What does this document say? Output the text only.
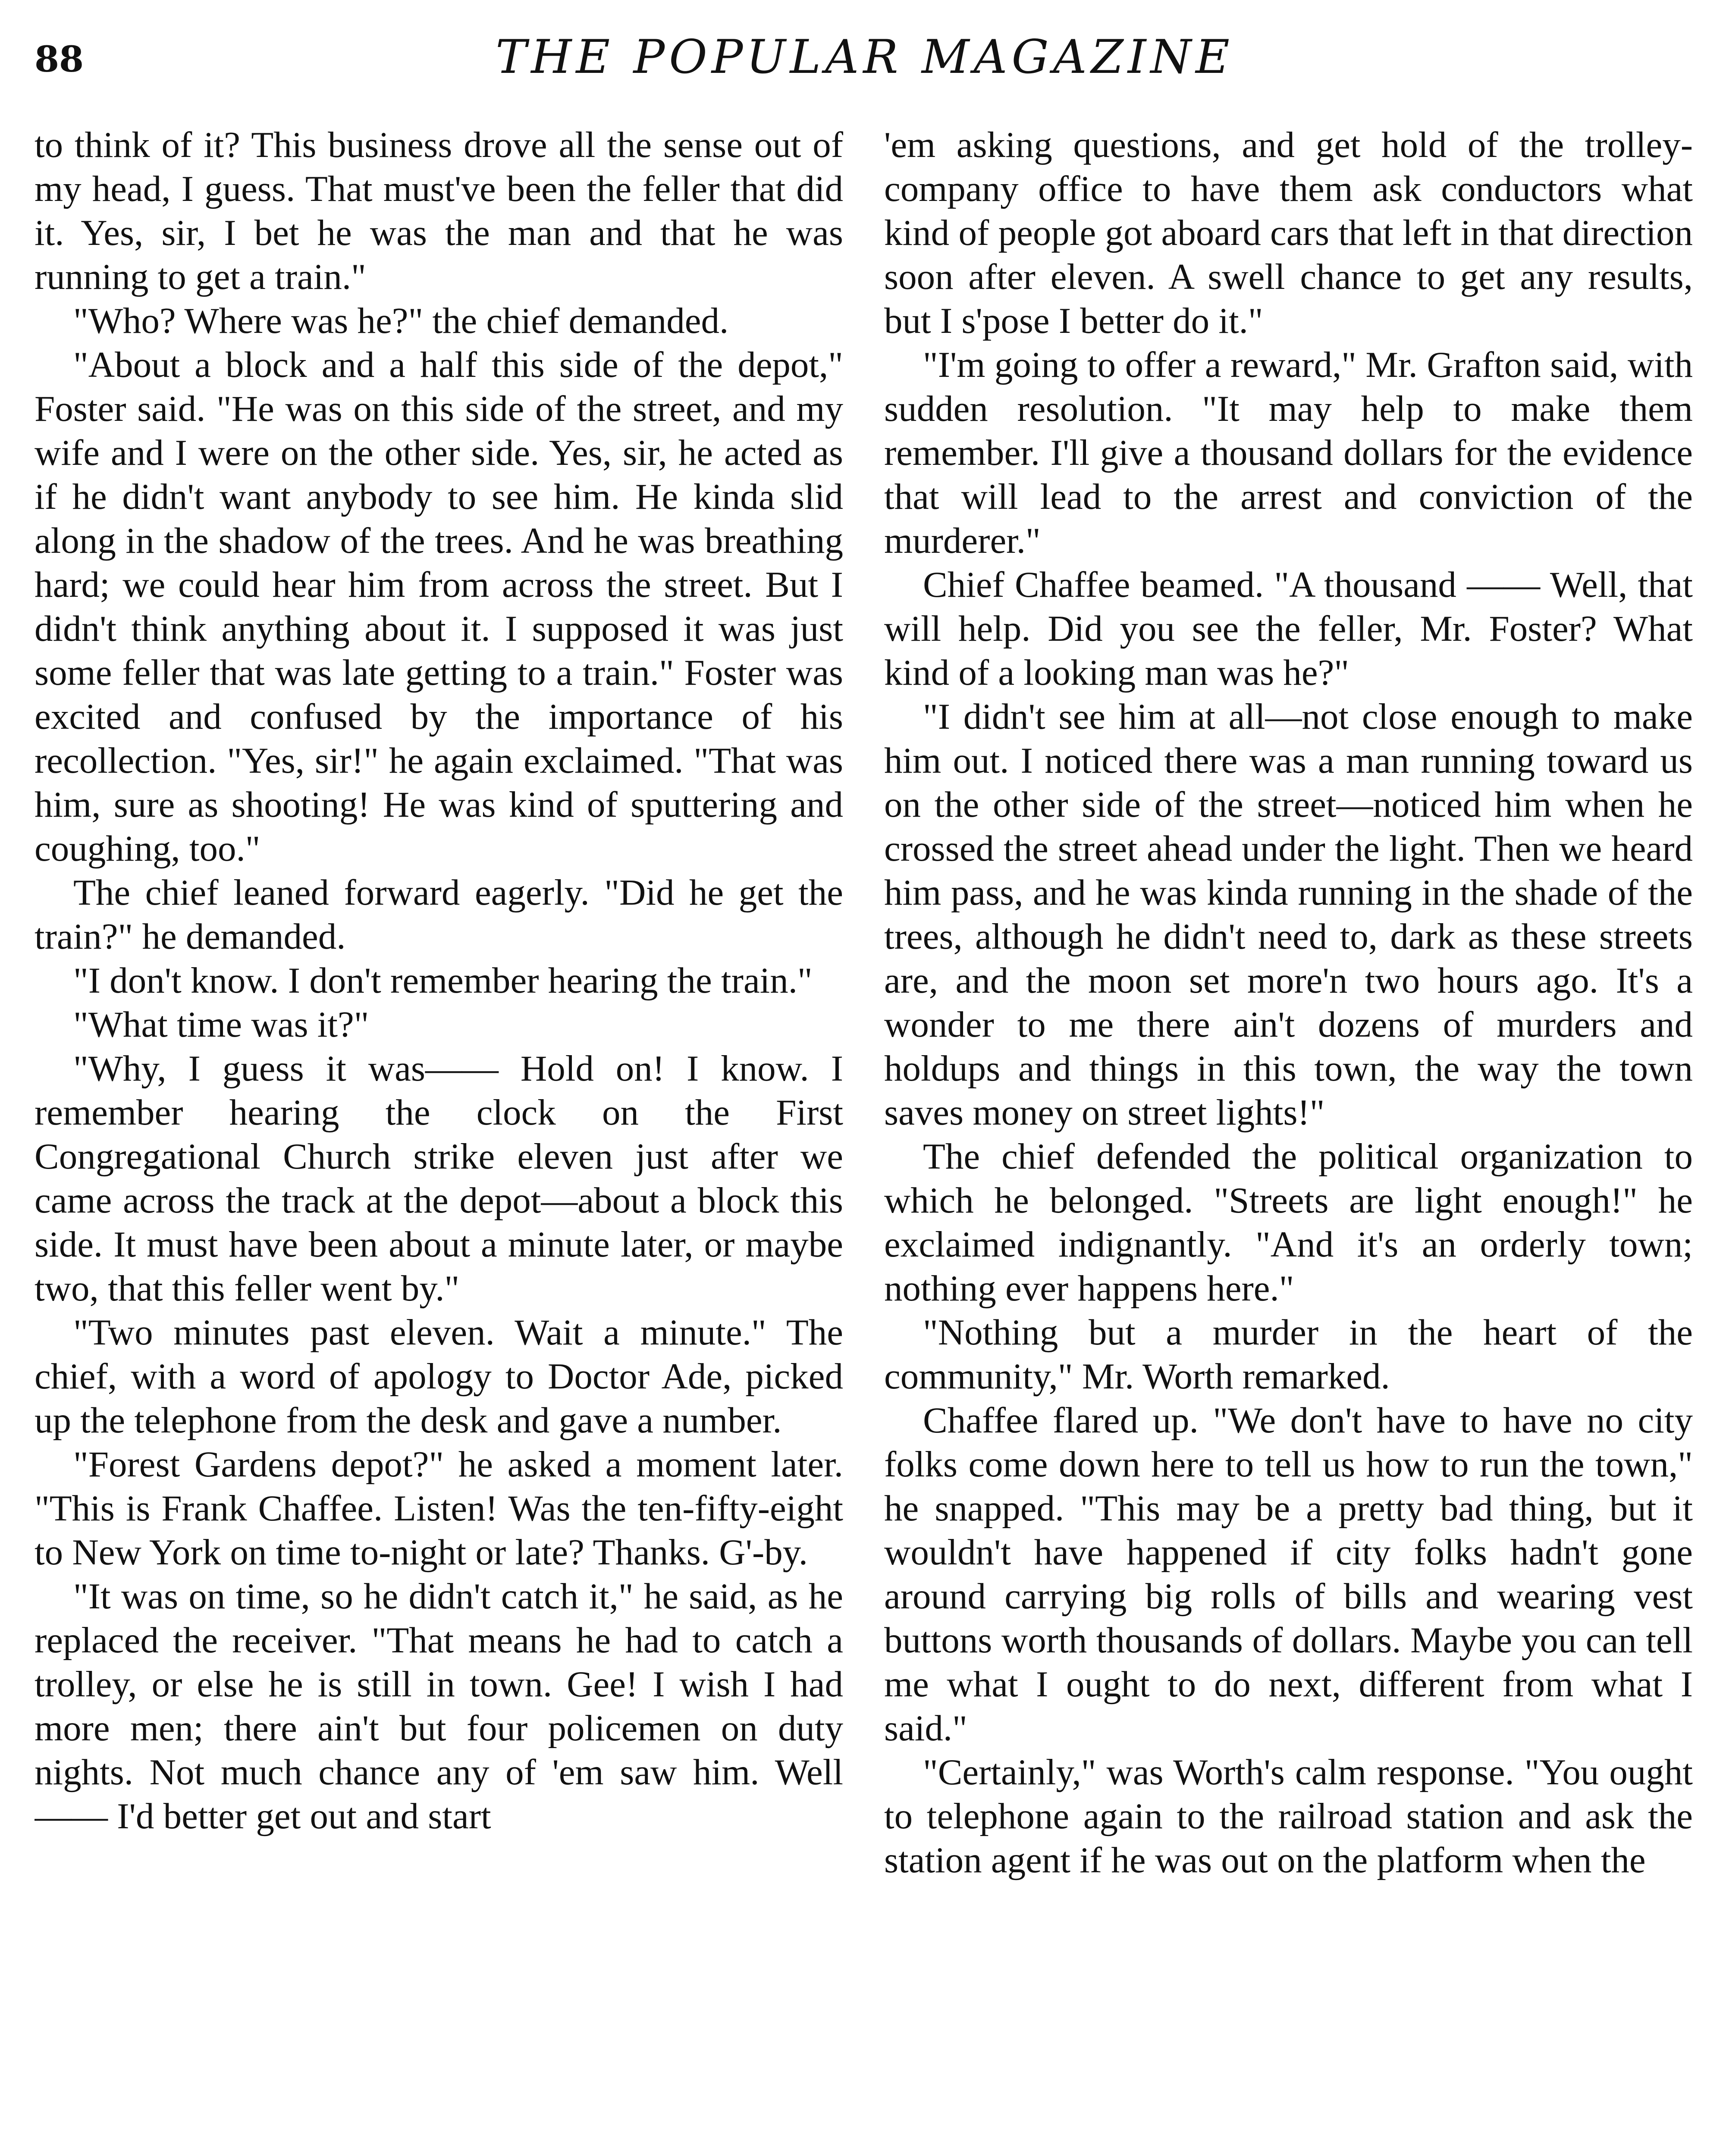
88	THE POPULAR MAGAZINE

to think of it? This business drove all the sense out of my head, I guess. That must've been the feller that did it. Yes, sir, I bet he was the man and that he was running to get a train."

"Who? Where was he?" the chief demanded.

"About a block and a half this side of the depot," Foster said. "He was on this side of the street, and my wife and I were on the other side. Yes, sir, he acted as if he didn't want anybody to see him. He kinda slid along in the shadow of the trees. And he was breathing hard; we could hear him from across the street. But I didn't think anything about it. I supposed it was just some feller that was late getting to a train." Foster was excited and confused by the importance of his recollection. "Yes, sir!" he again exclaimed. "That was him, sure as shooting! He was kind of sputtering and coughing, too."

The chief leaned forward eagerly. "Did he get the train?" he demanded.

"I don't know. I don't remember hearing the train."

"What time was it?"

"Why, I guess it was—— Hold on! I know. I remember hearing the clock on the First Congregational Church strike eleven just after we came across the track at the depot—about a block this side. It must have been about a minute later, or maybe two, that this feller went by."

"Two minutes past eleven. Wait a minute." The chief, with a word of apology to Doctor Ade, picked up the telephone from the desk and gave a number.

"Forest Gardens depot?" he asked a moment later. "This is Frank Chaffee. Listen! Was the ten-fifty-eight to New York on time to-night or late? Thanks. G'-by.

"It was on time, so he didn't catch it," he said, as he replaced the receiver. "That means he had to catch a trolley, or else he is still in town. Gee! I wish I had more men; there ain't but four policemen on duty nights. Not much chance any of 'em saw him. Well—— I'd better get out and start

'em asking questions, and get hold of the trolley-company office to have them ask conductors what kind of people got aboard cars that left in that direction soon after eleven. A swell chance to get any results, but I s'pose I better do it."

"I'm going to offer a reward," Mr. Grafton said, with sudden resolution. "It may help to make them remember. I'll give a thousand dollars for the evidence that will lead to the arrest and conviction of the murderer."

Chief Chaffee beamed. "A thousand —— Well, that will help. Did you see the feller, Mr. Foster? What kind of a looking man was he?"

"I didn't see him at all—not close enough to make him out. I noticed there was a man running toward us on the other side of the street—noticed him when he crossed the street ahead under the light. Then we heard him pass, and he was kinda running in the shade of the trees, although he didn't need to, dark as these streets are, and the moon set more'n two hours ago. It's a wonder to me there ain't dozens of murders and holdups and things in this town, the way the town saves money on street lights!"

The chief defended the political organization to which he belonged. "Streets are light enough!" he exclaimed indignantly. "And it's an orderly town; nothing ever happens here."

"Nothing but a murder in the heart of the community," Mr. Worth remarked.

Chaffee flared up. "We don't have to have no city folks come down here to tell us how to run the town," he snapped. "This may be a pretty bad thing, but it wouldn't have happened if city folks hadn't gone around carrying big rolls of bills and wearing vest buttons worth thousands of dollars. Maybe you can tell me what I ought to do next, different from what I said."

"Certainly," was Worth's calm response. "You ought to telephone again to the railroad station and ask the station agent if he was out on the platform when the
